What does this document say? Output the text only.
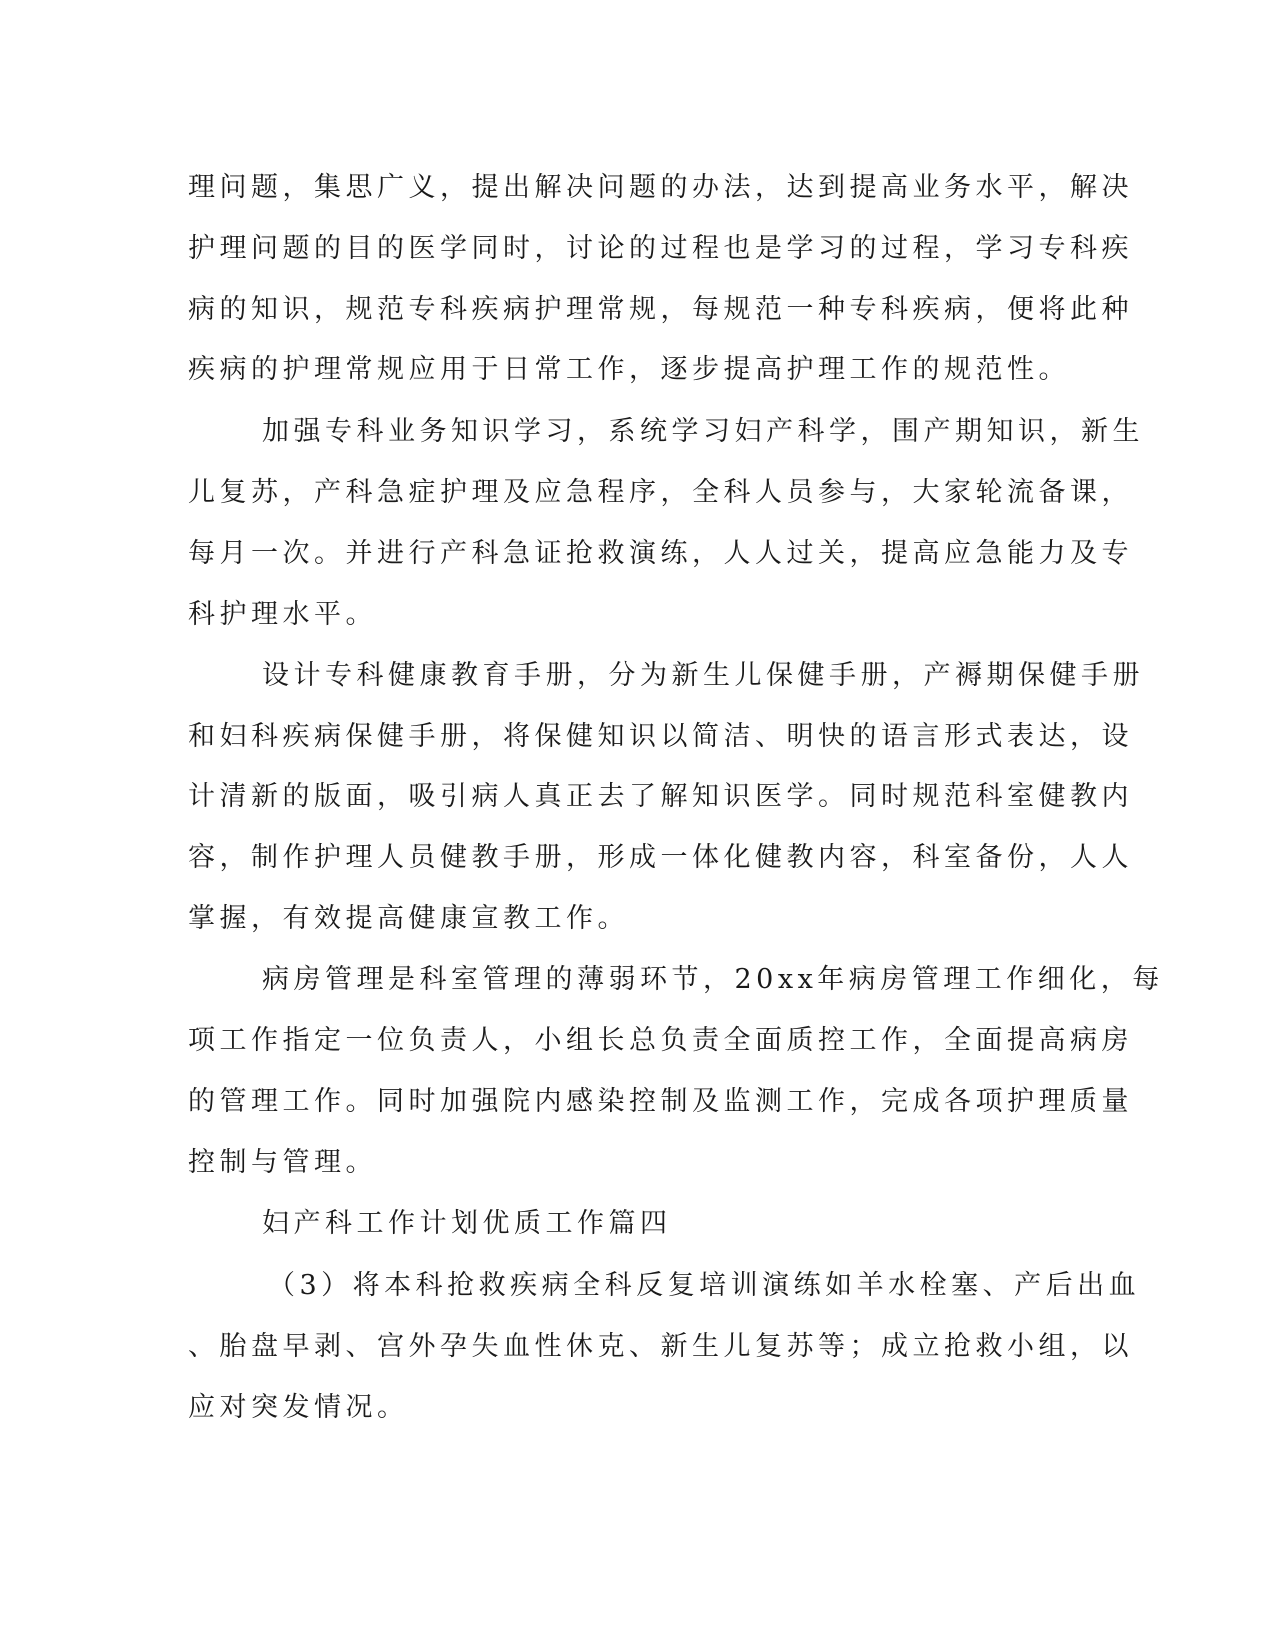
理问题，集思广义，提出解决问题的办法，达到提高业务水平，解决

护理问题的目的医学同时，讨论的过程也是学习的过程，学习专科疾

病的知识，规范专科疾病护理常规，每规范一种专科疾病，便将此种

疾病的护理常规应用于日常工作，逐步提高护理工作的规范性。

加强专科业务知识学习，系统学习妇产科学，围产期知识，新生

儿复苏，产科急症护理及应急程序，全科人员参与，大家轮流备课，

每月一次。并进行产科急证抢救演练，人人过关，提高应急能力及专

科护理水平。

设计专科健康教育手册，分为新生儿保健手册，产褥期保健手册

和妇科疾病保健手册，将保健知识以简洁、明快的语言形式表达，设

计清新的版面，吸引病人真正去了解知识医学。同时规范科室健教内

容，制作护理人员健教手册，形成一体化健教内容，科室备份，人人

掌握，有效提高健康宣教工作。

病房管理是科室管理的薄弱环节，20xx年病房管理工作细化，每

项工作指定一位负责人，小组长总负责全面质控工作，全面提高病房

的管理工作。同时加强院内感染控制及监测工作，完成各项护理质量

控制与管理。

妇产科工作计划优质工作篇四

（3）将本科抢救疾病全科反复培训演练如羊水栓塞、产后出血

、胎盘早剥、宫外孕失血性休克、新生儿复苏等；成立抢救小组，以

应对突发情况。
